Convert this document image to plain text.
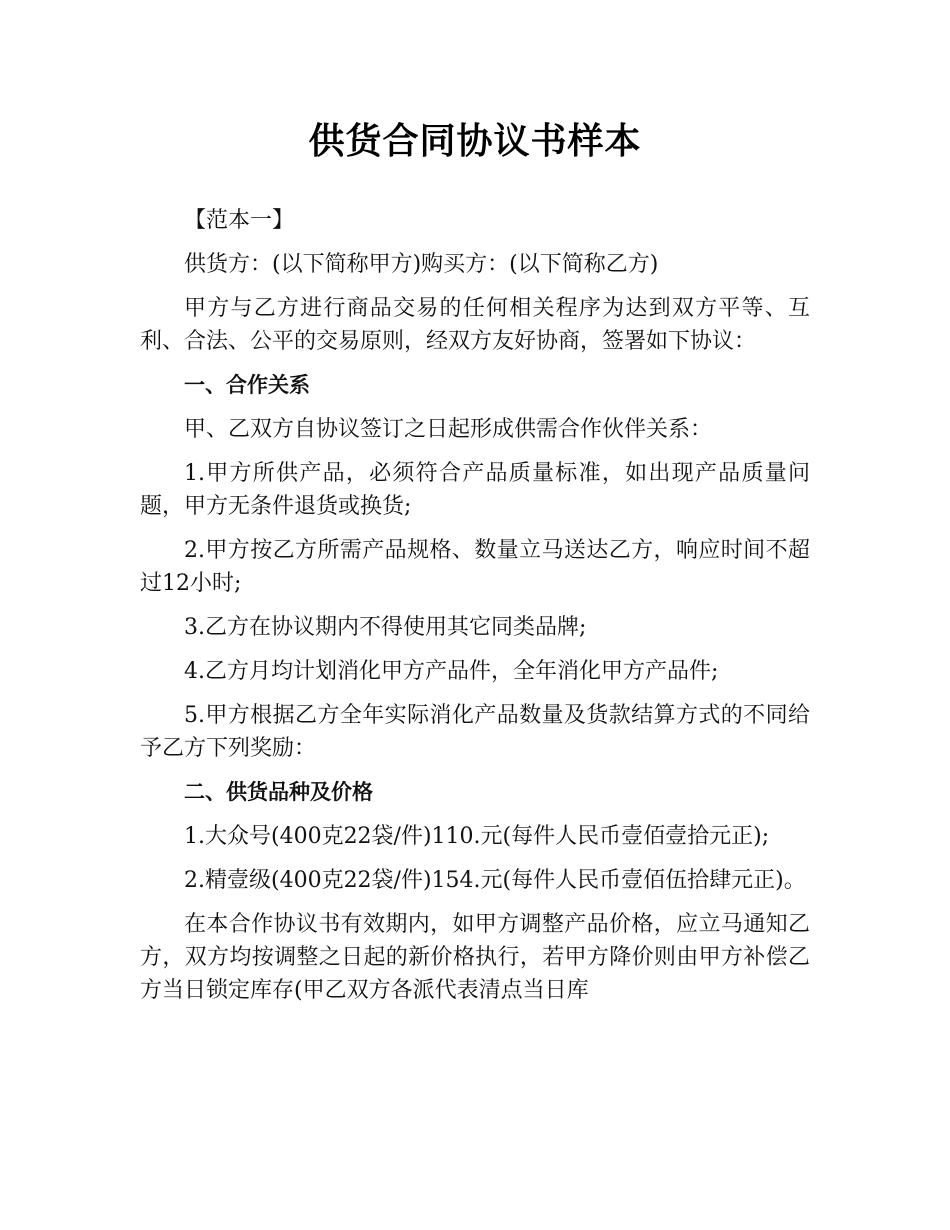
供货合同协议书样本

【范本一】

供货方：(以下简称甲方)购买方：(以下简称乙方)

甲方与乙方进行商品交易的任何相关程序为达到双方平等、互利、合法、公平的交易原则，经双方友好协商，签署如下协议：

一、合作关系

甲、乙双方自协议签订之日起形成供需合作伙伴关系：

1.甲方所供产品，必须符合产品质量标准，如出现产品质量问题，甲方无条件退货或换货;

2.甲方按乙方所需产品规格、数量立马送达乙方，响应时间不超过12小时;

3.乙方在协议期内不得使用其它同类品牌;

4.乙方月均计划消化甲方产品件，全年消化甲方产品件;

5.甲方根据乙方全年实际消化产品数量及货款结算方式的不同给予乙方下列奖励：

二、供货品种及价格

1.大众号(400克22袋/件)110.元(每件人民币壹佰壹拾元正);

2.精壹级(400克22袋/件)154.元(每件人民币壹佰伍拾肆元正)。

在本合作协议书有效期内，如甲方调整产品价格，应立马通知乙方，双方均按调整之日起的新价格执行，若甲方降价则由甲方补偿乙方当日锁定库存(甲乙双方各派代表清点当日库
